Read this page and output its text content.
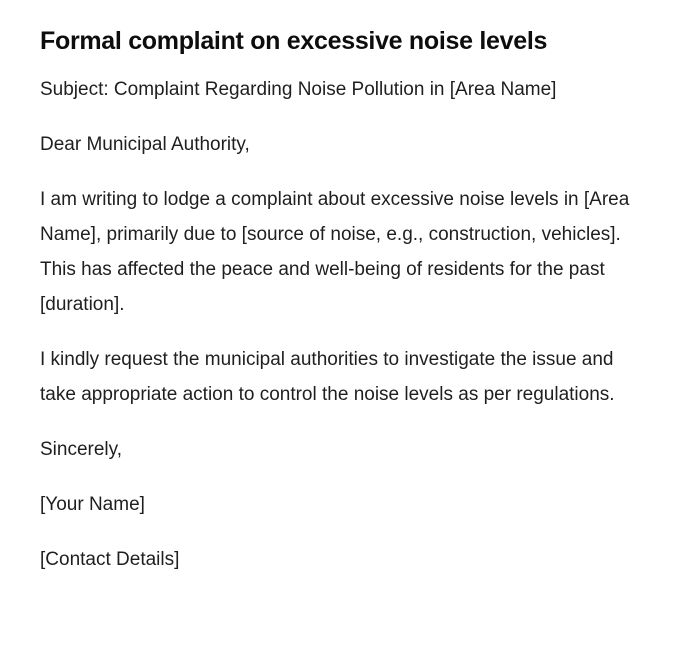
Formal complaint on excessive noise levels

Subject: Complaint Regarding Noise Pollution in [Area Name]

Dear Municipal Authority,

I am writing to lodge a complaint about excessive noise levels in [Area Name], primarily due to [source of noise, e.g., construction, vehicles]. This has affected the peace and well-being of residents for the past [duration].

I kindly request the municipal authorities to investigate the issue and take appropriate action to control the noise levels as per regulations.

Sincerely,

[Your Name]

[Contact Details]
